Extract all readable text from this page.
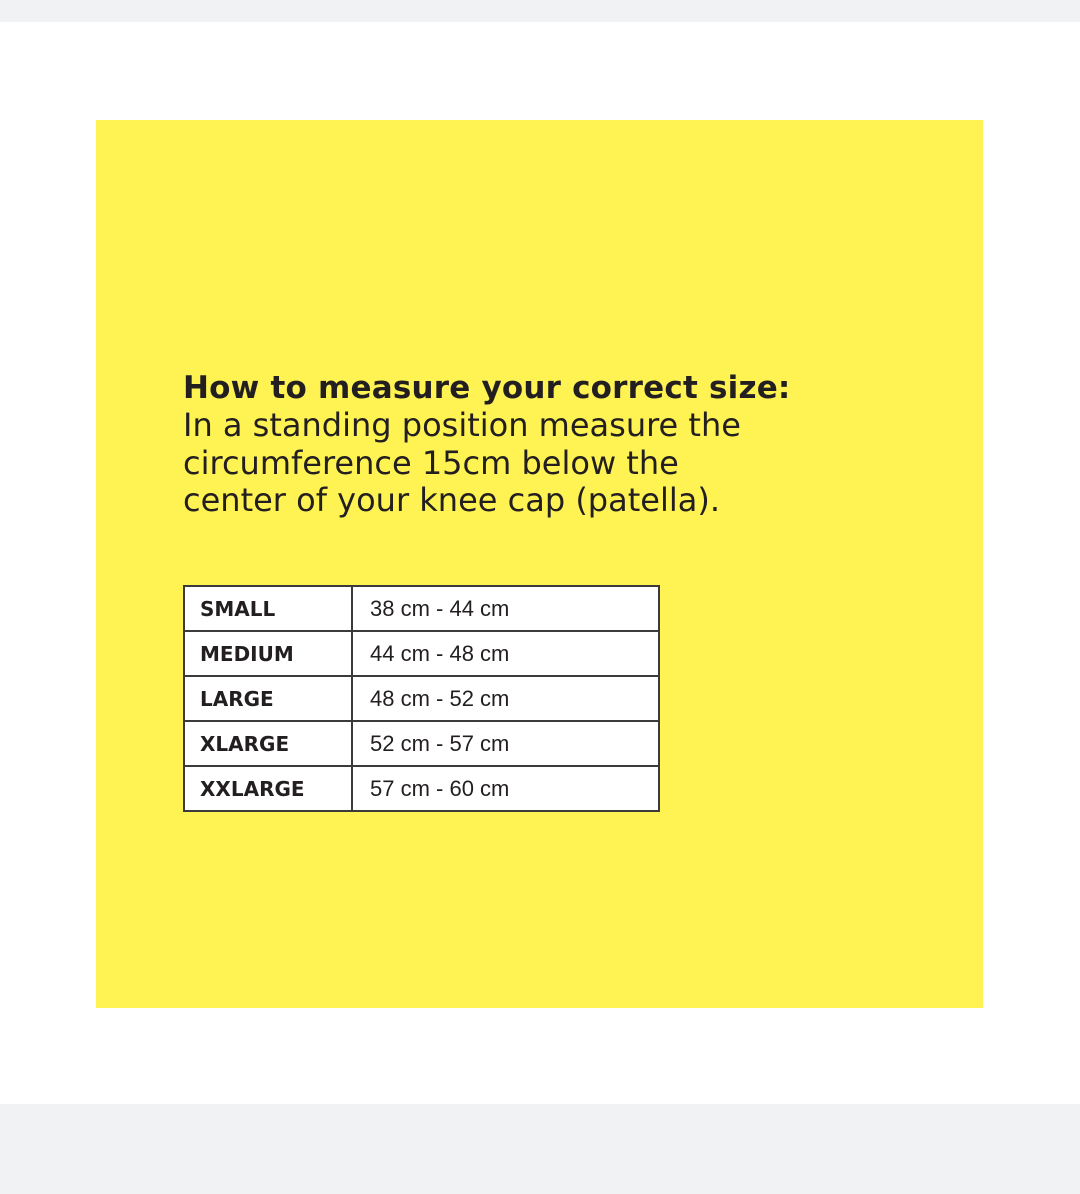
How to measure your correct size:

In a standing position measure the

circumference 15cm below the

center of your knee cap (patella).

SMALL	38 cm - 44 cm
MEDIUM	44 cm - 48 cm
LARGE	48 cm - 52 cm
XLARGE	52 cm - 57 cm
XXLARGE	57 cm - 60 cm
